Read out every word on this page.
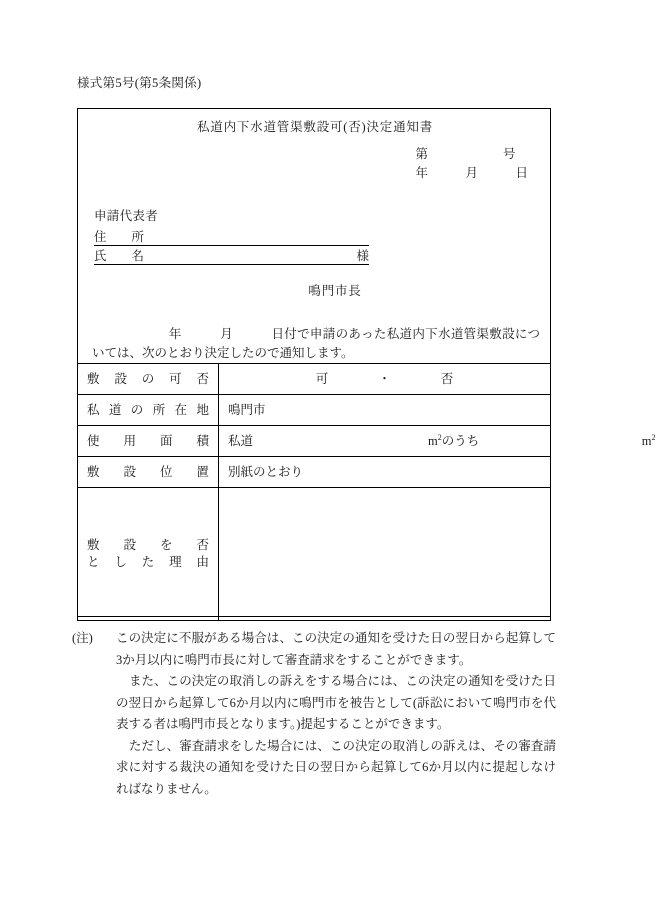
様式第5号(第5条関係)
私道内下水道管渠敷設可(否)決定通知書
第　　　　　　号
年　　　月　　　日
申請代表者
住　　所
氏　　名	様
鳴門市長
　　　　　　年　　　月　　　日付で申請のあった私道内下水道管渠敷設については、次のとおり決定したので通知します。
敷設の可否	可　　　　・　　　　否
私道の所在地	鳴門市
使用面積	私道　　　　　　　　　　　　　　 $m^2$のうち　　　　　　　　　　　　　 $m^2$
敷設位置	別紙のとおり

敷設を否
とした理由	

(注) この決定に不服がある場合は、この決定の通知を受けた日の翌日から起算して3か月以内に鳴門市長に対して審査請求をすることができます。
また、この決定の取消しの訴えをする場合には、この決定の通知を受けた日の翌日から起算して6か月以内に鳴門市を被告として(訴訟において鳴門市を代表する者は鳴門市長となります。)提起することができます。
ただし、審査請求をした場合には、この決定の取消しの訴えは、その審査請求に対する裁決の通知を受けた日の翌日から起算して6か月以内に提起しなければなりません。
